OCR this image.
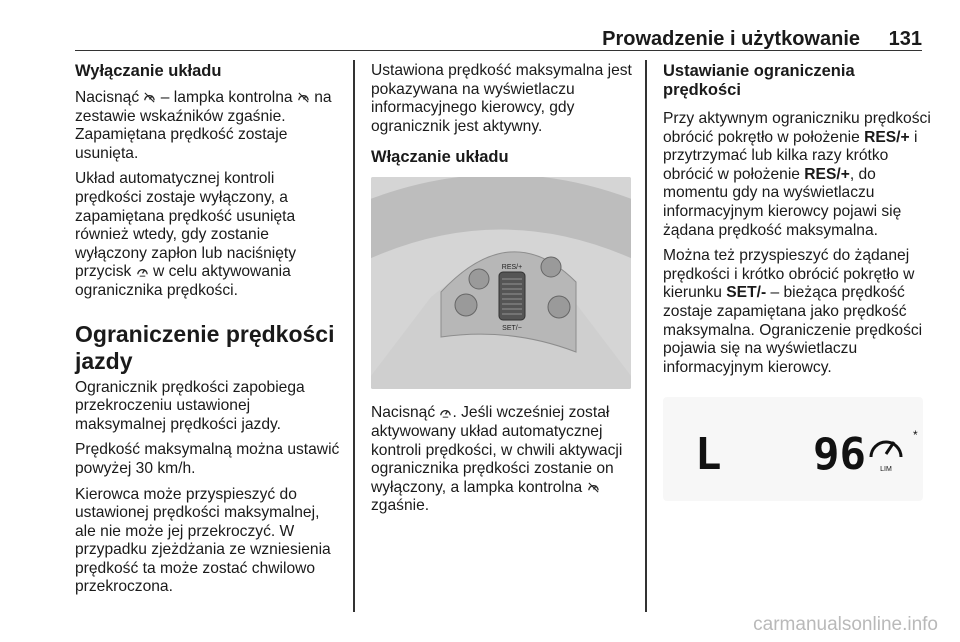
Prowadzenie i użytkowanie 131
Wyłączanie układu

Nacisnąć  – lampka kontrolna  na zestawie wskaźników zgaśnie. Zapamiętana prędkość zostaje usunięta.

Układ automatycznej kontroli prędkości zostaje wyłączony, a zapamiętana prędkość usunięta również wtedy, gdy zostanie wyłączony zapłon lub naciśnięty przycisk  w celu aktywowania ogranicznika prędkości.

Ograniczenie prędkości jazdy

Ogranicznik prędkości zapobiega przekroczeniu ustawionej maksymalnej prędkości jazdy.

Prędkość maksymalną można ustawić powyżej 30 km/h.

Kierowca może przyspieszyć do ustawionej prędkości maksymalnej, ale nie może jej przekroczyć. W przypadku zjeżdżania ze wzniesienia prędkość ta może zostać chwilowo przekroczona.

Ustawiona prędkość maksymalna jest pokazywana na wyświetlaczu informacyjnego kierowcy, gdy ogranicznik jest aktywny.

Włączanie układu
RES/+
SET/−

Nacisnąć . Jeśli wcześniej został aktywowany układ automatycznej kontroli prędkości, w chwili aktywacji ogranicznika prędkości zostanie on wyłączony, a lampka kontrolna  zgaśnie.

Ustawianie ograniczenia prędkości

Przy aktywnym ograniczniku prędkości obrócić pokrętło w położenie RES/+ i przytrzymać lub kilka razy krótko obrócić w położenie RES/+, do momentu gdy na wyświetlaczu informacyjnym kierowcy pojawi się żądana prędkość maksymalna.

Można też przyspieszyć do żądanej prędkości i krótko obrócić pokrętło w kierunku SET/- – bieżąca prędkość zostaje zapamiętana jako prędkość maksymalna. Ograniczenie prędkości pojawia się na wyświetlaczu informacyjnym kierowcy.

L 96	*
LIM
carmanualsonline.info
